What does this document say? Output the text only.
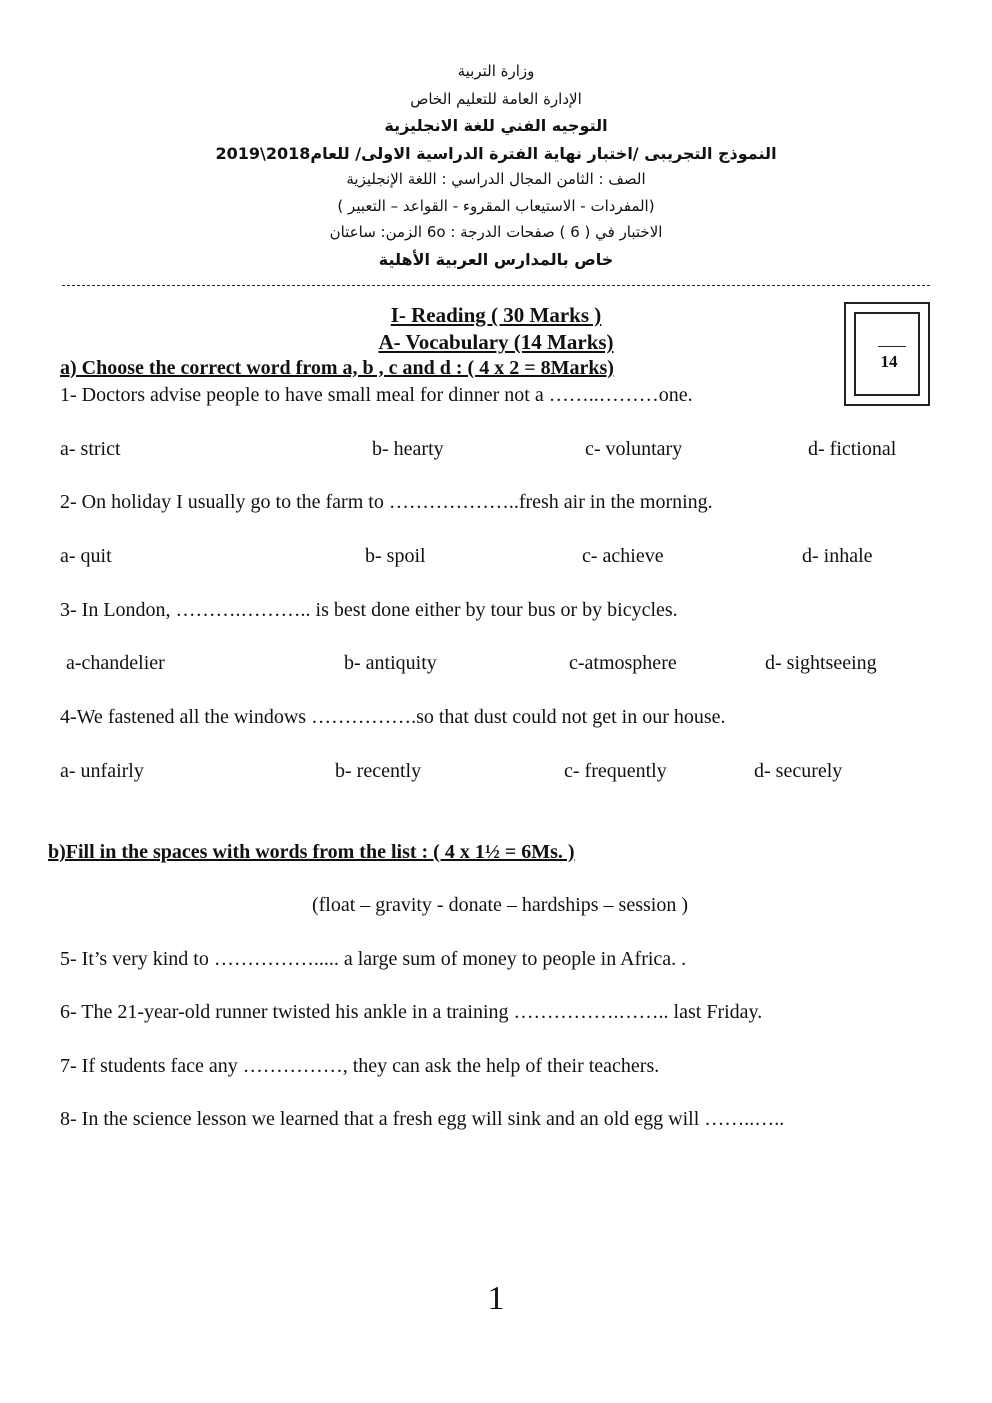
وزارة التربية
الإدارة العامة للتعليم الخاص
التوجيه الفني للغة الانجليزية
النموذج التجريبى /اختبار نهاية الفترة الدراسية الاولى/ للعام2018\2019
الصف : الثامن المجال الدراسي : اللغة الإنجليزية
(المفردات - الاستيعاب المقروء - القواعد – التعبير )
الاختبار في ( 6 ) صفحات الدرجة : 6o الزمن: ساعتان
خاص بالمدارس العربية الأهلية
14
I- Reading ( 30 Marks )
A- Vocabulary (14 Marks)
a) Choose the correct word from a, b , c and d : ( 4 x 2 = 8Marks)
1- Doctors advise people to have small meal for dinner not a ……..………one.
a- strict	b- hearty	c- voluntary	d- fictional
2- On holiday I usually go to the farm to ………………..fresh air in the morning.
a- quit	b- spoil	c- achieve	d- inhale
3- In London, ……….……….. is best done either by tour bus or by bicycles.
a-chandelier	b- antiquity	c-atmosphere	d- sightseeing
4-We fastened all the windows …………….so that dust could not get in our house.
a- unfairly	b- recently	c- frequently	d- securely
b)Fill in the spaces with words from the list : ( 4 x 1½ = 6Ms. )
(float – gravity - donate – hardships – session )
5- It’s very kind to ……………..... a large sum of money to people in Africa. .
6- The 21-year-old runner twisted his ankle in a training …………….…….. last Friday.
7- If students face any ……………, they can ask the help of their teachers.
8- In the science lesson we learned that a fresh egg will sink and an old egg will ……..…..
1
